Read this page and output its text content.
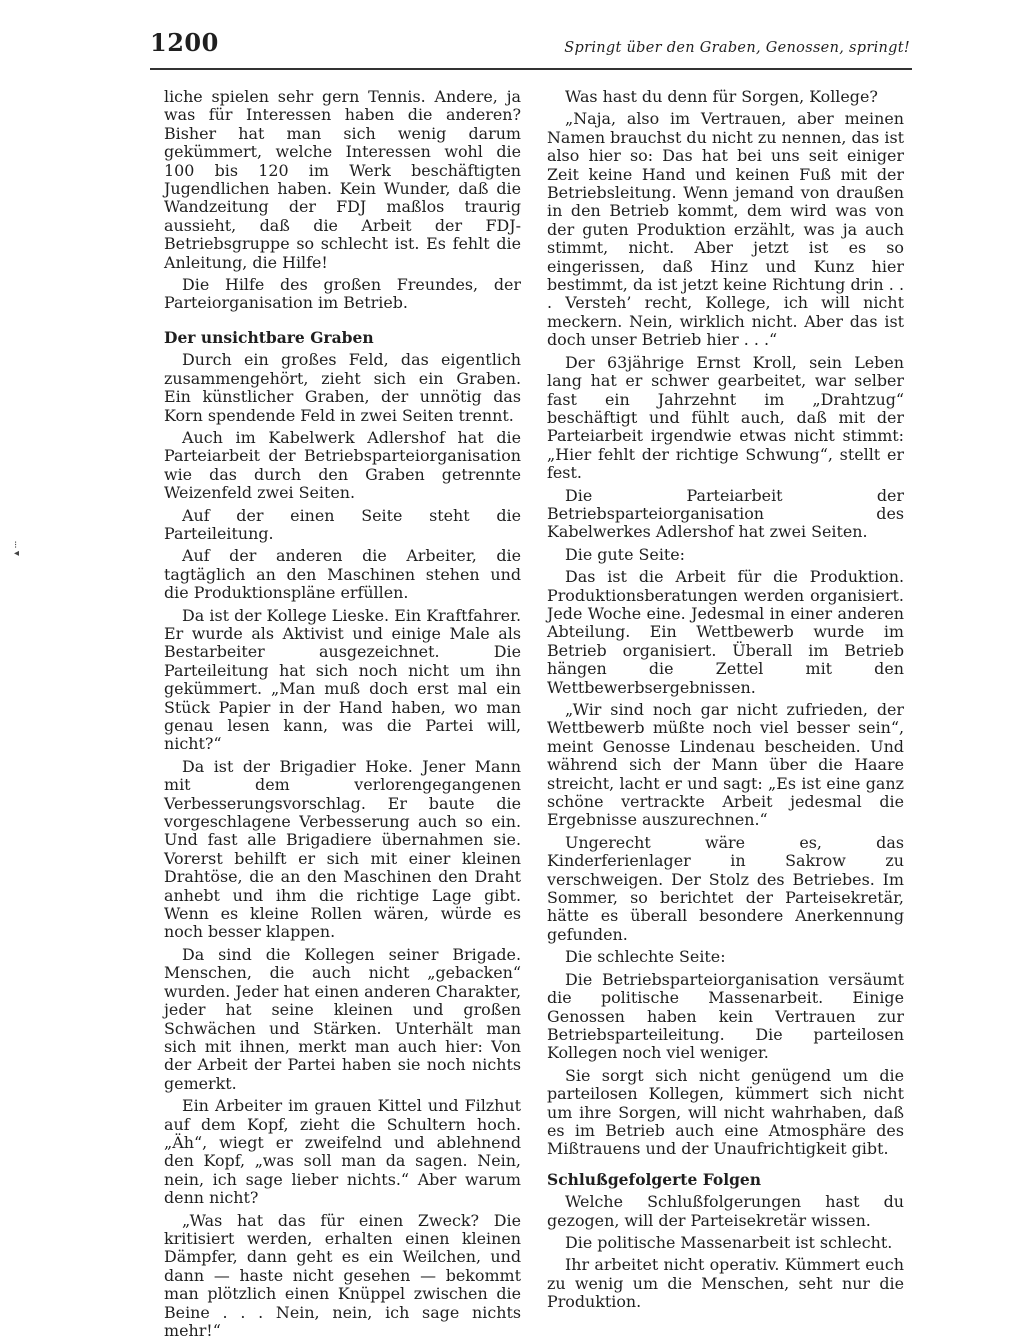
1200	Springt über den Graben, Genossen, springt!
⁝
◂

liche spielen sehr gern Tennis. Andere, ja was für Interessen haben die anderen? Bisher hat man sich wenig darum gekümmert, welche Interessen wohl die 100 bis 120 im Werk beschäftigten Jugendlichen haben. Kein Wunder, daß die Wandzeitung der FDJ maßlos traurig aussieht, daß die Arbeit der FDJ-Betriebsgruppe so schlecht ist. Es fehlt die Anleitung, die Hilfe!

Die Hilfe des großen Freundes, der Parteiorganisation im Betrieb.

Der unsichtbare Graben

Durch ein großes Feld, das eigentlich zusammengehört, zieht sich ein Graben. Ein künstlicher Graben, der unnötig das Korn spendende Feld in zwei Seiten trennt.

Auch im Kabelwerk Adlershof hat die Parteiarbeit der Betriebsparteiorganisation wie das durch den Graben getrennte Weizenfeld zwei Seiten.

Auf der einen Seite steht die Parteileitung.

Auf der anderen die Arbeiter, die tagtäglich an den Maschinen stehen und die Produktionspläne erfüllen.

Da ist der Kollege Lieske. Ein Kraftfahrer. Er wurde als Aktivist und einige Male als Bestarbeiter ausgezeichnet. Die Parteileitung hat sich noch nicht um ihn gekümmert. „Man muß doch erst mal ein Stück Papier in der Hand haben, wo man genau lesen kann, was die Partei will, nicht?“

Da ist der Brigadier Hoke. Jener Mann mit dem verlorengegangenen Verbesserungsvorschlag. Er baute die vorgeschlagene Verbesserung auch so ein. Und fast alle Brigadiere übernahmen sie. Vorerst behilft er sich mit einer kleinen Drahtöse, die an den Maschinen den Draht anhebt und ihm die richtige Lage gibt. Wenn es kleine Rollen wären, würde es noch besser klappen.

Da sind die Kollegen seiner Brigade. Menschen, die auch nicht „gebacken“ wurden. Jeder hat einen anderen Charakter, jeder hat seine kleinen und großen Schwächen und Stärken. Unterhält man sich mit ihnen, merkt man auch hier: Von der Arbeit der Partei haben sie noch nichts gemerkt.

Ein Arbeiter im grauen Kittel und Filzhut auf dem Kopf, zieht die Schultern hoch. „Äh“, wiegt er zweifelnd und ablehnend den Kopf, „was soll man da sagen. Nein, nein, ich sage lieber nichts.“ Aber warum denn nicht?

„Was hat das für einen Zweck? Die kritisiert werden, erhalten einen kleinen Dämpfer, dann geht es ein Weilchen, und dann — haste nicht gesehen — bekommt man plötzlich einen Knüppel zwischen die Beine . . . Nein, nein, ich sage nichts mehr!“

Was hast du denn für Sorgen, Kollege?

„Naja, also im Vertrauen, aber meinen Namen brauchst du nicht zu nennen, das ist also hier so: Das hat bei uns seit einiger Zeit keine Hand und keinen Fuß mit der Betriebsleitung. Wenn jemand von draußen in den Betrieb kommt, dem wird was von der guten Produktion erzählt, was ja auch stimmt, nicht. Aber jetzt ist es so eingerissen, daß Hinz und Kunz hier bestimmt, da ist jetzt keine Richtung drin . . . Versteh’ recht, Kollege, ich will nicht meckern. Nein, wirklich nicht. Aber das ist doch unser Betrieb hier . . .“

Der 63jährige Ernst Kroll, sein Leben lang hat er schwer gearbeitet, war selber fast ein Jahrzehnt im „Drahtzug“ beschäftigt und fühlt auch, daß mit der Parteiarbeit irgendwie etwas nicht stimmt: „Hier fehlt der richtige Schwung“, stellt er fest.

Die Parteiarbeit der Betriebsparteiorganisation des Kabelwerkes Adlershof hat zwei Seiten.

Die gute Seite:

Das ist die Arbeit für die Produktion. Produktionsberatungen werden organisiert. Jede Woche eine. Jedesmal in einer anderen Abteilung. Ein Wettbewerb wurde im Betrieb organisiert. Überall im Betrieb hängen die Zettel mit den Wettbewerbsergebnissen.

„Wir sind noch gar nicht zufrieden, der Wettbewerb müßte noch viel besser sein“, meint Genosse Lindenau bescheiden. Und während sich der Mann über die Haare streicht, lacht er und sagt: „Es ist eine ganz schöne vertrackte Arbeit jedesmal die Ergebnisse auszurechnen.“

Ungerecht wäre es, das Kinderferienlager in Sakrow zu verschweigen. Der Stolz des Betriebes. Im Sommer, so berichtet der Parteisekretär, hätte es überall besondere Anerkennung gefunden.

Die schlechte Seite:

Die Betriebsparteiorganisation versäumt die politische Massenarbeit. Einige Genossen haben kein Vertrauen zur Betriebsparteileitung. Die parteilosen Kollegen noch viel weniger.

Sie sorgt sich nicht genügend um die parteilosen Kollegen, kümmert sich nicht um ihre Sorgen, will nicht wahrhaben, daß es im Betrieb auch eine Atmosphäre des Mißtrauens und der Unaufrichtigkeit gibt.

Schlußgefolgerte Folgen

Welche Schlußfolgerungen hast du gezogen, will der Parteisekretär wissen.

Die politische Massenarbeit ist schlecht.

Ihr arbeitet nicht operativ. Kümmert euch zu wenig um die Menschen, seht nur die Produktion.
